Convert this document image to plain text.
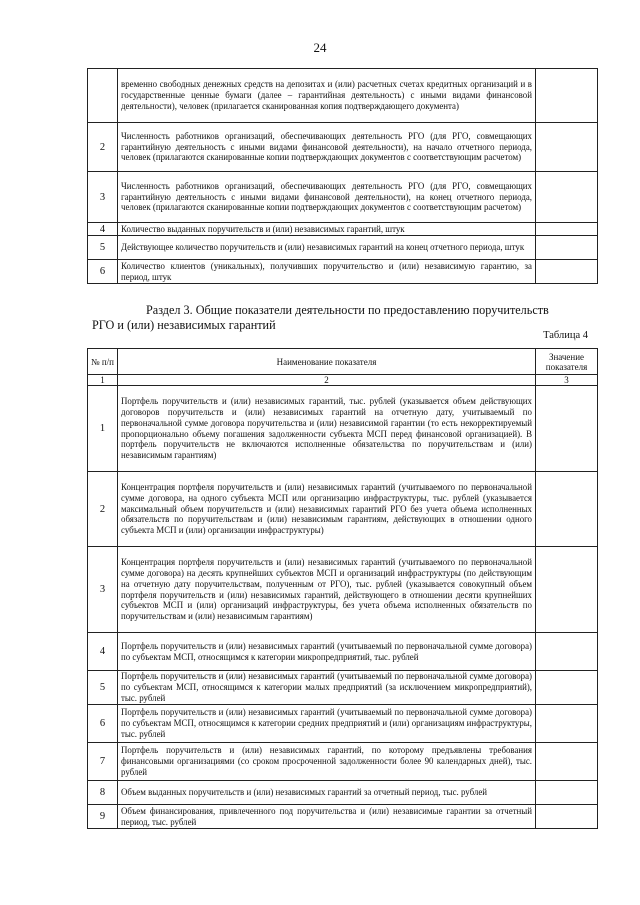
24
	временно свободных денежных средств на депозитах и (или) расчетных счетах кредитных организаций и в государственные ценные бумаги (далее – гарантийная деятельность) с иными видами финансовой деятельности), человек (прилагается сканированная копия подтверждающего документа)	
2	Численность работников организаций, обеспечивающих деятельность РГО (для РГО, совмещающих гарантийную деятельность с иными видами финансовой деятельности), на начало отчетного периода, человек (прилагаются сканированные копии подтверждающих документов с соответствующим расчетом)	
3	Численность работников организаций, обеспечивающих деятельность РГО (для РГО, совмещающих гарантийную деятельность с иными видами финансовой деятельности), на конец отчетного периода, человек (прилагаются сканированные копии подтверждающих документов с соответствующим расчетом)	
4	Количество выданных поручительств и (или) независимых гарантий, штук	
5	Действующее количество поручительств и (или) независимых гарантий на конец отчетного периода, штук	
6	Количество клиентов (уникальных), получивших поручительство и (или) независимую гарантию, за период, штук	
Раздел 3. Общие показатели деятельности по предоставлению поручительств
РГО и (или) независимых гарантий
Таблица 4
№ п/п	Наименование показателя	Значение показателя
1	2	3
1	Портфель поручительств и (или) независимых гарантий, тыс. рублей (указывается объем действующих договоров поручительств и (или) независимых гарантий на отчетную дату, учитываемый по первоначальной сумме договора поручительства и (или) независимой гарантии (то есть некорректируемый пропорционально объему погашения задолженности субъекта МСП перед финансовой организацией). В портфель поручительств не включаются исполненные обязательства по поручительствам и (или) независимым гарантиям)	
2	Концентрация портфеля поручительств и (или) независимых гарантий (учитываемого по первоначальной сумме договора, на одного субъекта МСП или организацию инфраструктуры, тыс. рублей (указывается максимальный объем поручительств и (или) независимых гарантий РГО без учета объема исполненных обязательств по поручительствам и (или) независимым гарантиям, действующих в отношении одного субъекта МСП и (или) организации инфраструктуры)	
3	Концентрация портфеля поручительств и (или) независимых гарантий (учитываемого по первоначальной сумме договора) на десять крупнейших субъектов МСП и организаций инфраструктуры (по действующим на отчетную дату поручительствам, полученным от РГО), тыс. рублей (указывается совокупный объем портфеля поручительств и (или) независимых гарантий, действующего в отношении десяти крупнейших субъектов МСП и (или) организаций инфраструктуры, без учета объема исполненных обязательств по поручительствам и (или) независимым гарантиям)	
4	Портфель поручительств и (или) независимых гарантий (учитываемый по первоначальной сумме договора) по субъектам МСП, относящимся к категории микропредприятий, тыс. рублей	
5	Портфель поручительств и (или) независимых гарантий (учитываемый по первоначальной сумме договора) по субъектам МСП, относящимся к категории малых предприятий (за исключением микропредприятий), тыс. рублей	
6	Портфель поручительств и (или) независимых гарантий (учитываемый по первоначальной сумме договора) по субъектам МСП, относящимся к категории средних предприятий и (или) организациям инфраструктуры, тыс. рублей	
7	Портфель поручительств и (или) независимых гарантий, по которому предъявлены требования финансовыми организациями (со сроком просроченной задолженности более 90 календарных дней), тыс. рублей	
8	Объем выданных поручительств и (или) независимых гарантий за отчетный период, тыс. рублей	
9	Объем финансирования, привлеченного под поручительства и (или) независимые гарантии за отчетный период, тыс. рублей	
